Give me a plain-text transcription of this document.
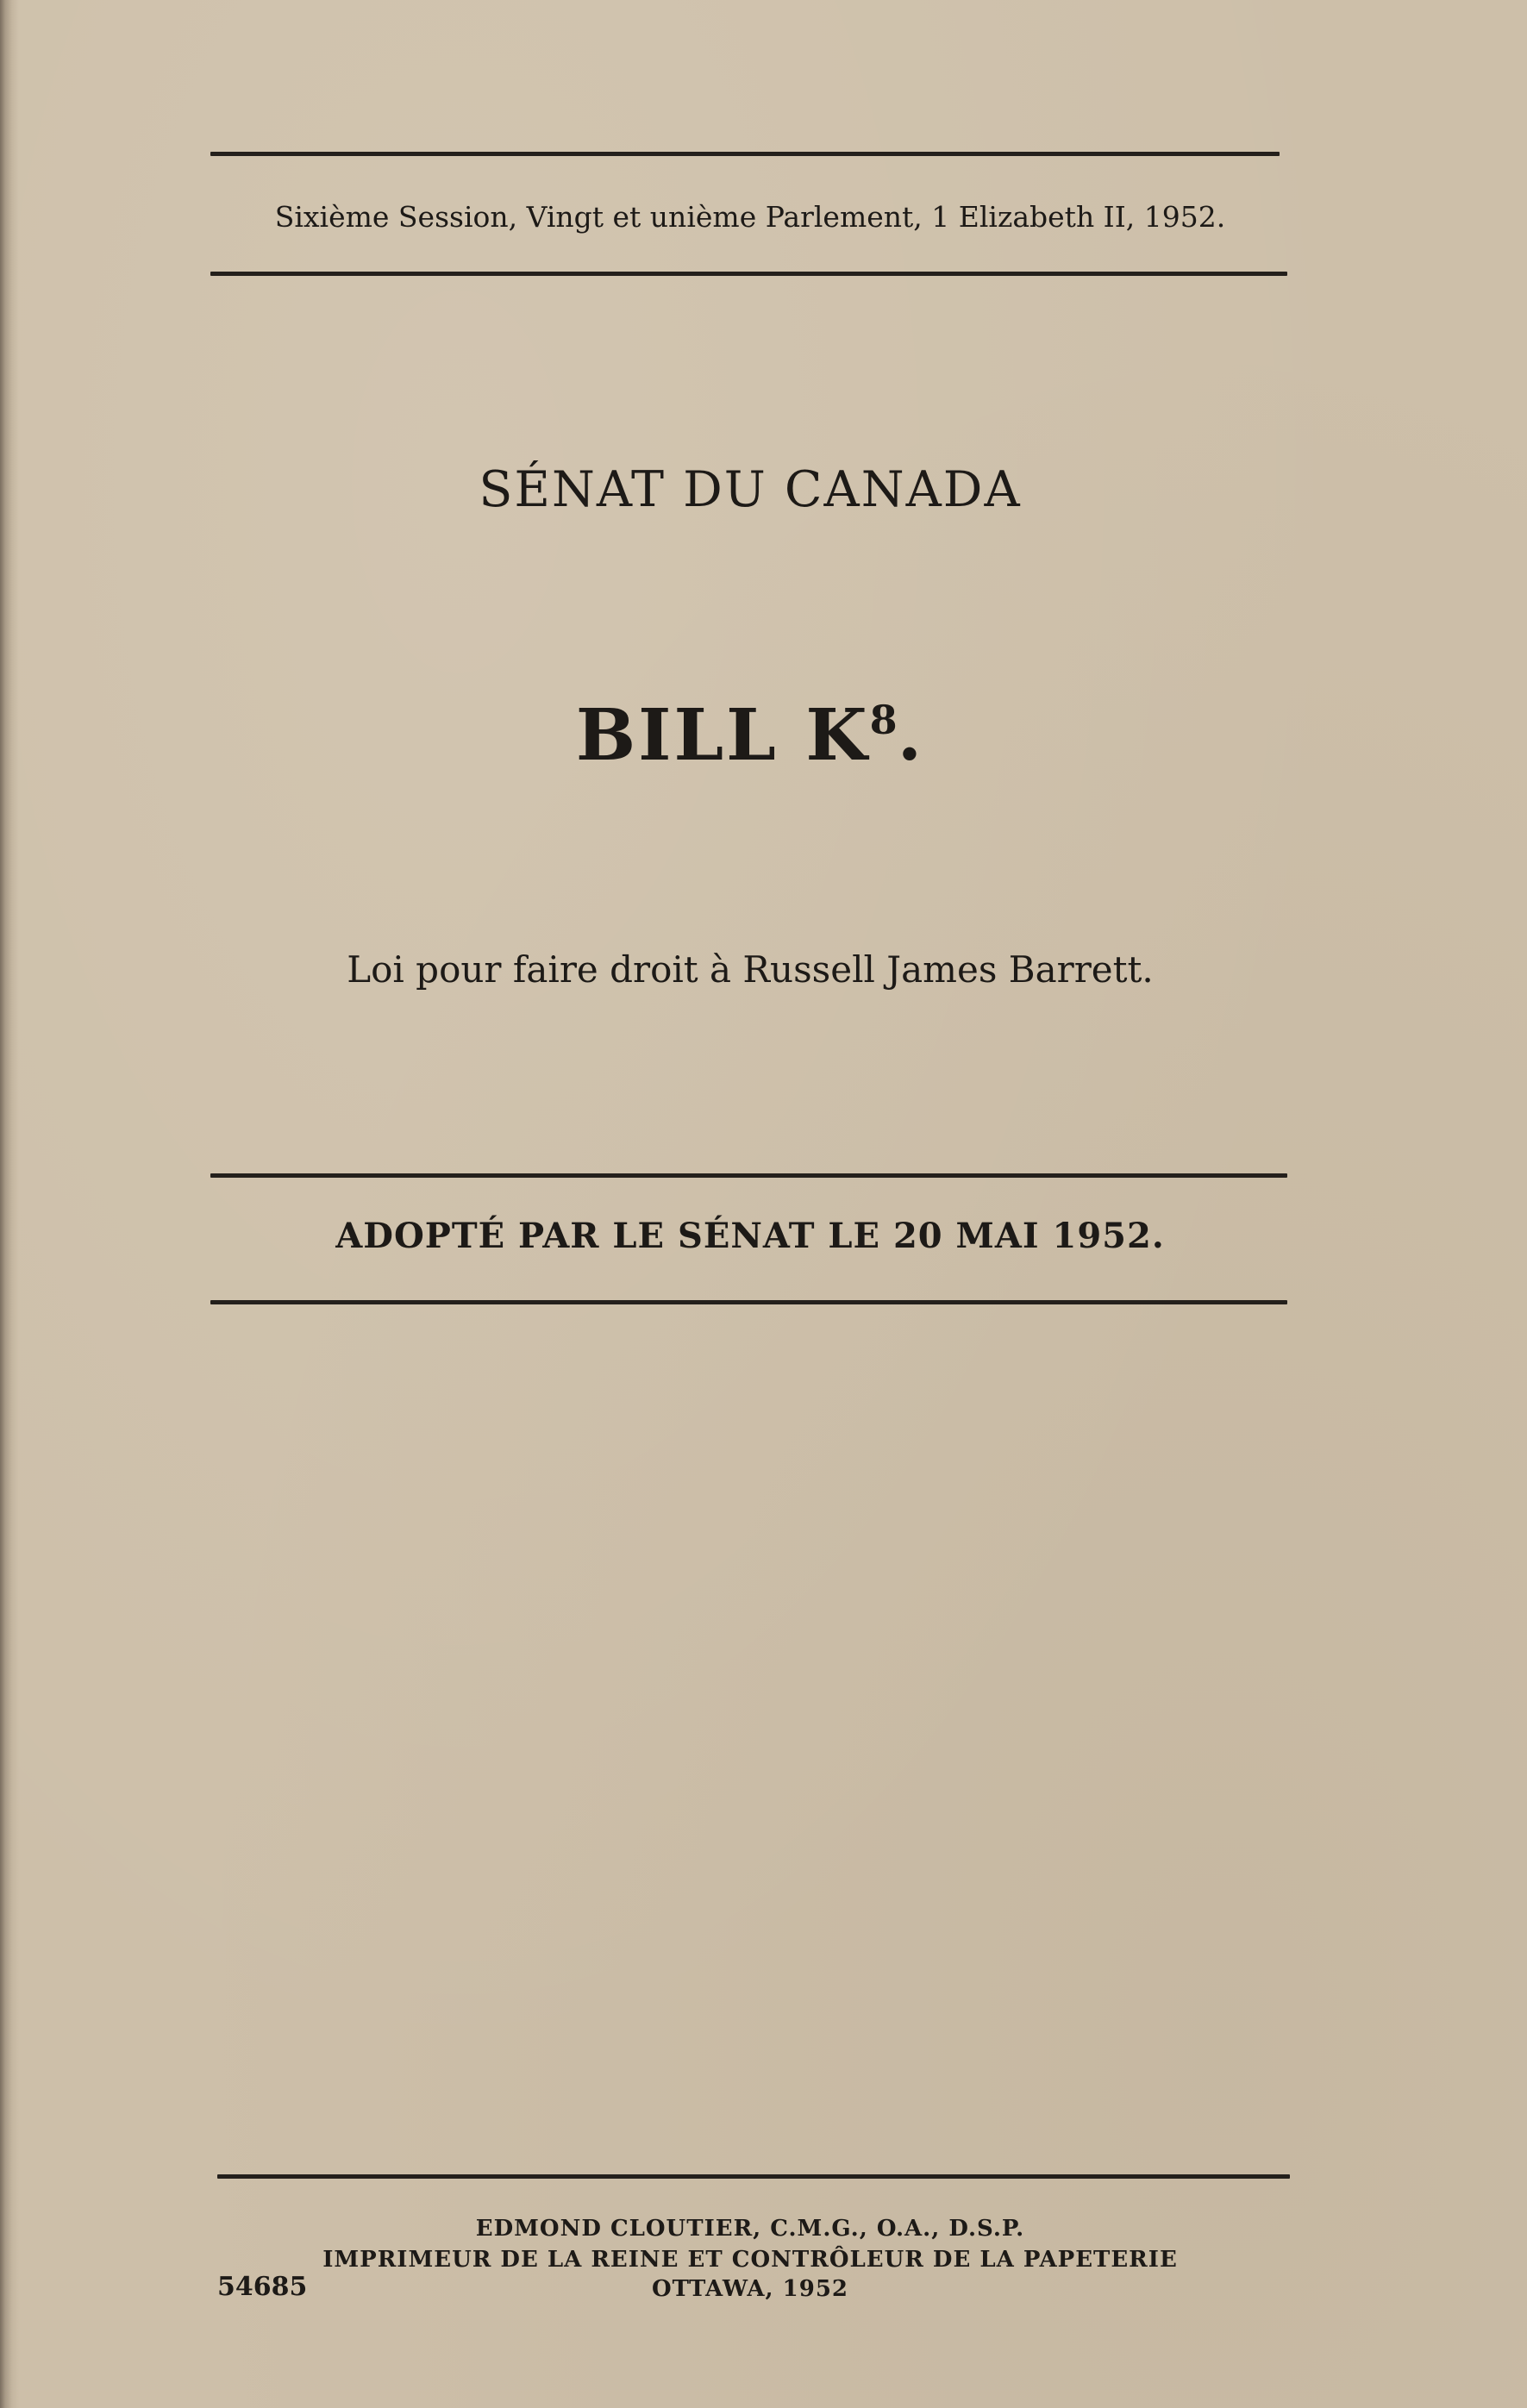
Sixième Session, Vingt et unième Parlement, 1 Elizabeth II, 1952.
SÉNAT DU CANADA
BILL $K^8$.
Loi pour faire droit à Russell James Barrett.
ADOPTÉ PAR LE SÉNAT LE 20 MAI 1952.
EDMOND CLOUTIER, C.M.G., O.A., D.S.P.
IMPRIMEUR DE LA REINE ET CONTRÔLEUR DE LA PAPETERIE
OTTAWA, 1952
54685
